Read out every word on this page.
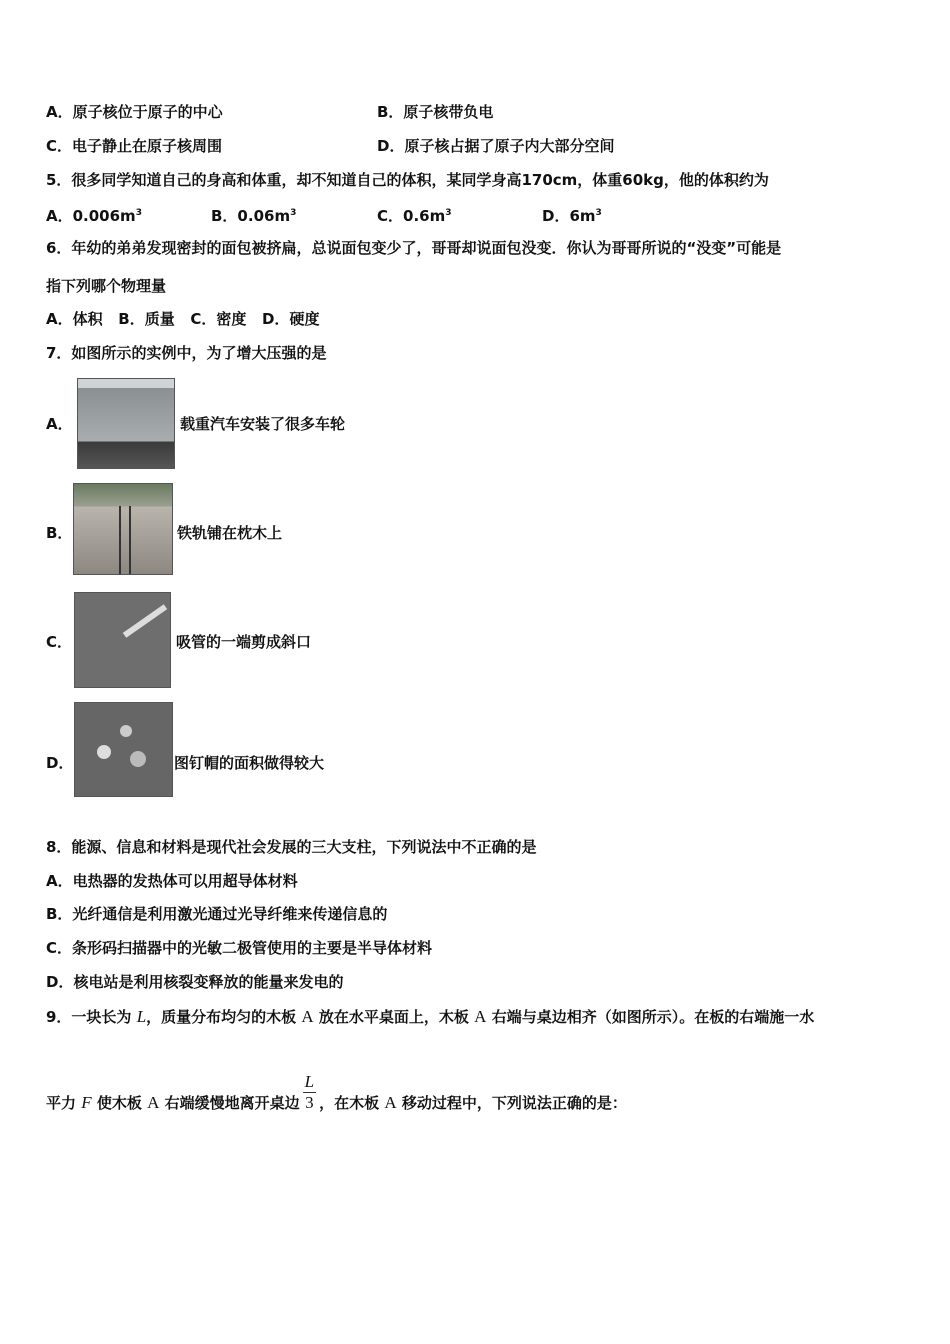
A．原子核位于原子的中心	B．原子核带负电
C．电子静止在原子核周围	D．原子核占据了原子内大部分空间
5．很多同学知道自己的身高和体重，却不知道自己的体积，某同学身高170cm，体重60kg，他的体积约为
A．$0.006m^3$	B．$0.06m^3$	C．$0.6m^3$	D．$6m^3$
6．年幼的弟弟发现密封的面包被挤扁，总说面包变少了，哥哥却说面包没变．你认为哥哥所说的“没变”可能是
指下列哪个物理量
A．体积   B．质量   C．密度   D．硬度
7．如图所示的实例中，为了增大压强的是
A．	载重汽车安装了很多车轮
B．	铁轨铺在枕木上
C．	吸管的一端剪成斜口
D．	图钉帽的面积做得较大
8．能源、信息和材料是现代社会发展的三大支柱，下列说法中不正确的是
A．电热器的发热体可以用超导体材料
B．光纤通信是利用激光通过光导纤维来传递信息的
C．条形码扫描器中的光敏二极管使用的主要是半导体材料
D．核电站是利用核裂变释放的能量来发电的
9．一块长为 L，质量分布均匀的木板 A 放在水平桌面上，木板 A 右端与桌边相齐（如图所示）。在板的右端施一水
平力 F 使木板 A 右端缓慢地离开桌边 $\frac{L}{3}$ ，在木板 A 移动过程中，下列说法正确的是：
